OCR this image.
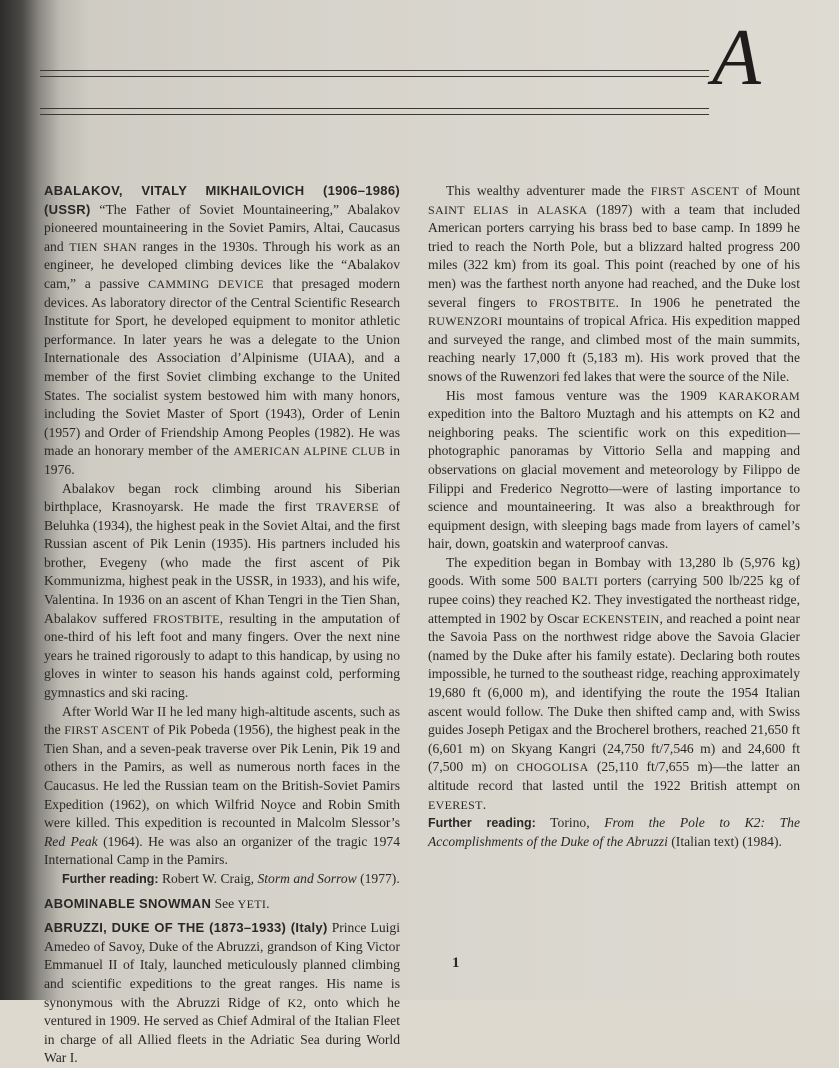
A

ABALAKOV, VITALY MIKHAILOVICH (1906–1986) (USSR) “The Father of Soviet Mountaineering,” Abalakov pioneered mountaineering in the Soviet Pamirs, Altai, Caucasus and TIEN SHAN ranges in the 1930s. Through his work as an engineer, he developed climbing devices like the “Abalakov cam,” a passive CAMMING DEVICE that presaged modern devices. As laboratory director of the Central Scientific Research Institute for Sport, he developed equipment to monitor athletic performance. In later years he was a delegate to the Union Internationale des Association d’Alpinisme (UIAA), and a member of the first Soviet climbing exchange to the United States. The socialist system bestowed him with many honors, including the Soviet Master of Sport (1943), Order of Lenin (1957) and Order of Friendship Among Peoples (1982). He was made an honorary member of the AMERICAN ALPINE CLUB in 1976.

Abalakov began rock climbing around his Siberian birthplace, Krasnoyarsk. He made the first TRAVERSE of Beluhka (1934), the highest peak in the Soviet Altai, and the first Russian ascent of Pik Lenin (1935). His partners included his brother, Evegeny (who made the first ascent of Pik Kommunizma, highest peak in the USSR, in 1933), and his wife, Valentina. In 1936 on an ascent of Khan Tengri in the Tien Shan, Abalakov suffered FROSTBITE, resulting in the amputation of one-third of his left foot and many fingers. Over the next nine years he trained rigorously to adapt to this handicap, by using no gloves in winter to season his hands against cold, performing gymnastics and ski racing.

After World War II he led many high-altitude ascents, such as the FIRST ASCENT of Pik Pobeda (1956), the highest peak in the Tien Shan, and a seven-peak traverse over Pik Lenin, Pik 19 and others in the Pamirs, as well as numerous north faces in the Caucasus. He led the Russian team on the British-Soviet Pamirs Expedition (1962), on which Wilfrid Noyce and Robin Smith were killed. This expedition is recounted in Malcolm Slessor’s Red Peak (1964). He was also an organizer of the tragic 1974 International Camp in the Pamirs.

Further reading: Robert W. Craig, Storm and Sorrow (1977).

ABOMINABLE SNOWMAN See YETI.

ABRUZZI, DUKE OF THE (1873–1933) (Italy) Prince Luigi Amedeo of Savoy, Duke of the Abruzzi, grandson of King Victor Emmanuel II of Italy, launched meticulously planned climbing and scientific expeditions to the great ranges. His name is synonymous with the Abruzzi Ridge of K2, onto which he ventured in 1909. He served as Chief Admiral of the Italian Fleet in charge of all Allied fleets in the Adriatic Sea during World War I.

This wealthy adventurer made the FIRST ASCENT of Mount SAINT ELIAS in ALASKA (1897) with a team that included American porters carrying his brass bed to base camp. In 1899 he tried to reach the North Pole, but a blizzard halted progress 200 miles (322 km) from its goal. This point (reached by one of his men) was the farthest north anyone had reached, and the Duke lost several fingers to FROSTBITE. In 1906 he penetrated the RUWENZORI mountains of tropical Africa. His expedition mapped and surveyed the range, and climbed most of the main summits, reaching nearly 17,000 ft (5,183 m). His work proved that the snows of the Ruwenzori fed lakes that were the source of the Nile.

His most famous venture was the 1909 KARAKORAM expedition into the Baltoro Muztagh and his attempts on K2 and neighboring peaks. The scientific work on this expedition—photographic panoramas by Vittorio Sella and mapping and observations on glacial movement and meteorology by Filippo de Filippi and Frederico Negrotto—were of lasting importance to science and mountaineering. It was also a breakthrough for equipment design, with sleeping bags made from layers of camel’s hair, down, goatskin and waterproof canvas.

The expedition began in Bombay with 13,280 lb (5,976 kg) goods. With some 500 BALTI porters (carrying 500 lb/225 kg of rupee coins) they reached K2. They investigated the northeast ridge, attempted in 1902 by Oscar ECKENSTEIN, and reached a point near the Savoia Pass on the northwest ridge above the Savoia Glacier (named by the Duke after his family estate). Declaring both routes impossible, he turned to the southeast ridge, reaching approximately 19,680 ft (6,000 m), and identifying the route the 1954 Italian ascent would follow. The Duke then shifted camp and, with Swiss guides Joseph Petigax and the Brocherel brothers, reached 21,650 ft (6,601 m) on Skyang Kangri (24,750 ft/7,546 m) and 24,600 ft (7,500 m) on CHOGOLISA (25,110 ft/7,655 m)—the latter an altitude record that lasted until the 1922 British attempt on EVEREST.

Further reading: Torino, From the Pole to K2: The Accomplishments of the Duke of the Abruzzi (Italian text) (1984).

1
